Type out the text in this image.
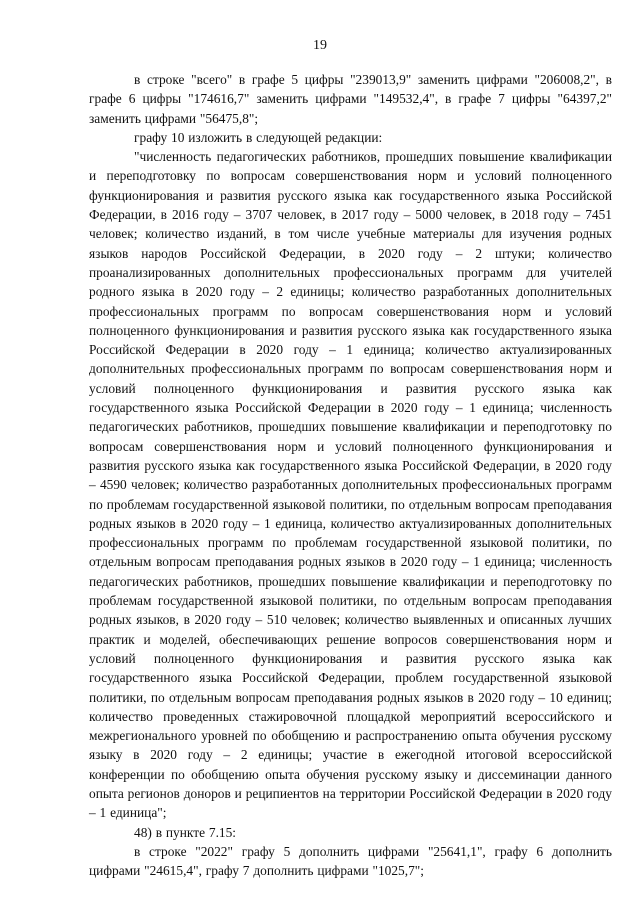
19

в строке "всего" в графе 5 цифры "239013,9" заменить цифрами "206008,2", в графе 6 цифры "174616,7" заменить цифрами "149532,4", в графе 7 цифры "64397,2" заменить цифрами "56475,8";

графу 10 изложить в следующей редакции:

"численность педагогических работников, прошедших повышение квалификации и переподготовку по вопросам совершенствования норм и условий полноценного функционирования и развития русского языка как государственного языка Российской Федерации, в 2016 году – 3707 человек, в 2017 году – 5000 человек, в 2018 году – 7451 человек; количество изданий, в том числе учебные материалы для изучения родных языков народов Российской Федерации, в 2020 году – 2 штуки; количество проанализированных дополнительных профессиональных программ для учителей родного языка в 2020 году – 2 единицы; количество разработанных дополнительных профессиональных программ по вопросам совершенствования норм и условий полноценного функционирования и развития русского языка как государственного языка Российской Федерации в 2020 году – 1 единица; количество актуализированных дополнительных профессиональных программ по вопросам совершенствования норм и условий полноценного функционирования и развития русского языка как государственного языка Российской Федерации в 2020 году – 1 единица; численность педагогических работников, прошедших повышение квалификации и переподготовку по вопросам совершенствования норм и условий полноценного функционирования и развития русского языка как государственного языка Российской Федерации, в 2020 году – 4590 человек; количество разработанных дополнительных профессиональных программ по проблемам государственной языковой политики, по отдельным вопросам преподавания родных языков в 2020 году – 1 единица, количество актуализированных дополнительных профессиональных программ по проблемам государственной языковой политики, по отдельным вопросам преподавания родных языков в 2020 году – 1 единица; численность педагогических работников, прошедших повышение квалификации и переподготовку по проблемам государственной языковой политики, по отдельным вопросам преподавания родных языков, в 2020 году – 510 человек; количество выявленных и описанных лучших практик и моделей, обеспечивающих решение вопросов совершенствования норм и условий полноценного функционирования и развития русского языка как государственного языка Российской Федерации, проблем государственной языковой политики, по отдельным вопросам преподавания родных языков в 2020 году – 10 единиц; количество проведенных стажировочной площадкой мероприятий всероссийского и межрегионального уровней по обобщению и распространению опыта обучения русскому языку в 2020 году – 2 единицы; участие в ежегодной итоговой всероссийской конференции по обобщению опыта обучения русскому языку и диссеминации данного опыта регионов доноров и реципиентов на территории Российской Федерации в 2020 году – 1 единица";

48) в пункте 7.15:

в строке "2022" графу 5 дополнить цифрами "25641,1", графу 6 дополнить цифрами "24615,4", графу 7 дополнить цифрами "1025,7";
